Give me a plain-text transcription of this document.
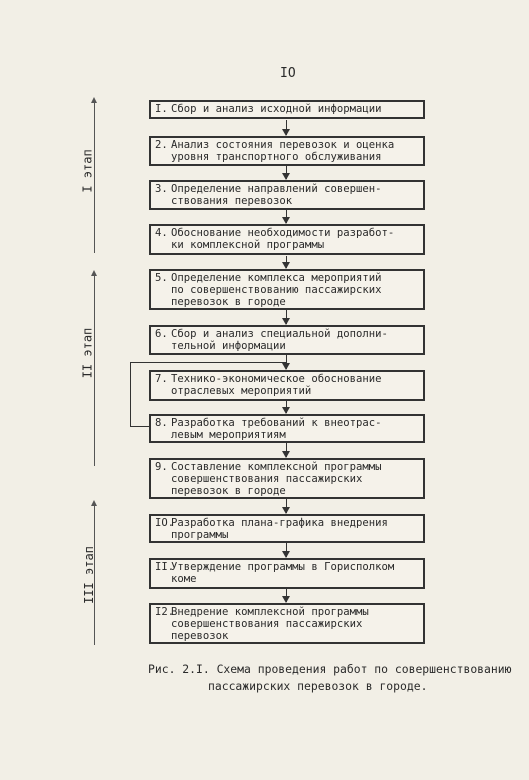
IO
I этап
II этап
III этап
I. Сбор и анализ исходной информации
2. Анализ состояния перевозок и оценка
уровня транспортного обслуживания
3. Определение направлений совершен-
ствования перевозок
4. Обоснование необходимости разработ-
ки комплексной программы
5. Определение комплекса мероприятий
по совершенствованию пассажирских
перевозок в городе
6. Сбор и анализ специальной дополни-
тельной информации
7. Технико-экономическое обоснование
отраслевых мероприятий
8. Разработка требований к внеотрас-
левым мероприятиям
9. Составление комплексной программы
совершенствования пассажирских
перевозок в городе
IO.
Разработка плана-графика внедрения
программы
II.
Утверждение программы в Горисполком
коме
I2.
Внедрение комплексной программы
совершенствования пассажирских
перевозок
Рис. 2.I. Схема проведения работ по совершенствованию
пассажирских перевозок в городе.
